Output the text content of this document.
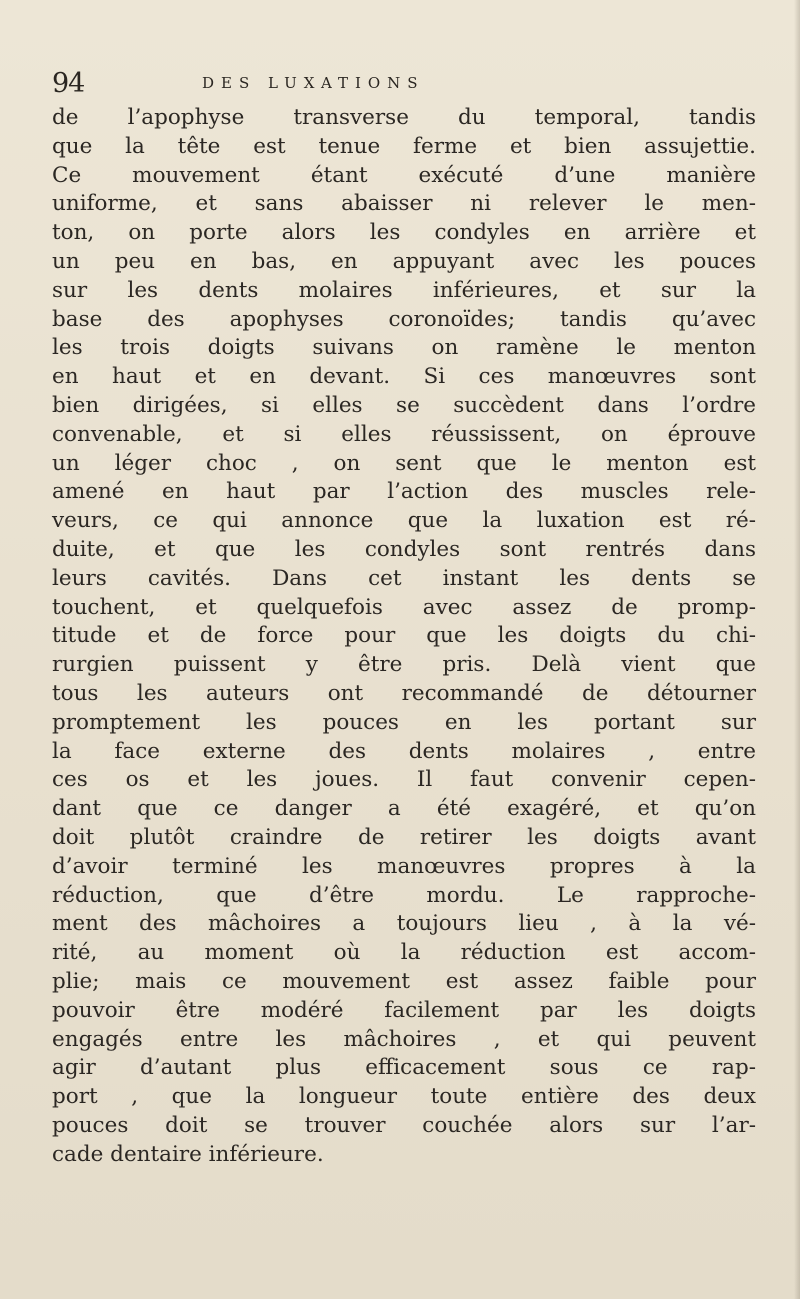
94	DES LUXATIONS
de l’apophyse transverse du temporal, tandis
que la tête est tenue ferme et bien assujettie.
Ce mouvement étant exécuté d’une manière
uniforme, et sans abaisser ni relever le men-
ton, on porte alors les condyles en arrière et
un peu en bas, en appuyant avec les pouces
sur les dents molaires inférieures, et sur la
base des apophyses coronoïdes; tandis qu’avec
les trois doigts suivans on ramène le menton
en haut et en devant. Si ces manœuvres sont
bien dirigées, si elles se succèdent dans l’ordre
convenable, et si elles réussissent, on éprouve
un léger choc , on sent que le menton est
amené en haut par l’action des muscles rele-
veurs, ce qui annonce que la luxation est ré-
duite, et que les condyles sont rentrés dans
leurs cavités. Dans cet instant les dents se
touchent, et quelquefois avec assez de promp-
titude et de force pour que les doigts du chi-
rurgien puissent y être pris. Delà vient que
tous les auteurs ont recommandé de détourner
promptement les pouces en les portant sur
la face externe des dents molaires , entre
ces os et les joues. Il faut convenir cepen-
dant que ce danger a été exagéré, et qu’on
doit plutôt craindre de retirer les doigts avant
d’avoir terminé les manœuvres propres à la
réduction, que d’être mordu. Le rapproche-
ment des mâchoires a toujours lieu , à la vé-
rité, au moment où la réduction est accom-
plie; mais ce mouvement est assez faible pour
pouvoir être modéré facilement par les doigts
engagés entre les mâchoires , et qui peuvent
agir d’autant plus efficacement sous ce rap-
port , que la longueur toute entière des deux
pouces doit se trouver couchée alors sur l’ar-
cade dentaire inférieure.
